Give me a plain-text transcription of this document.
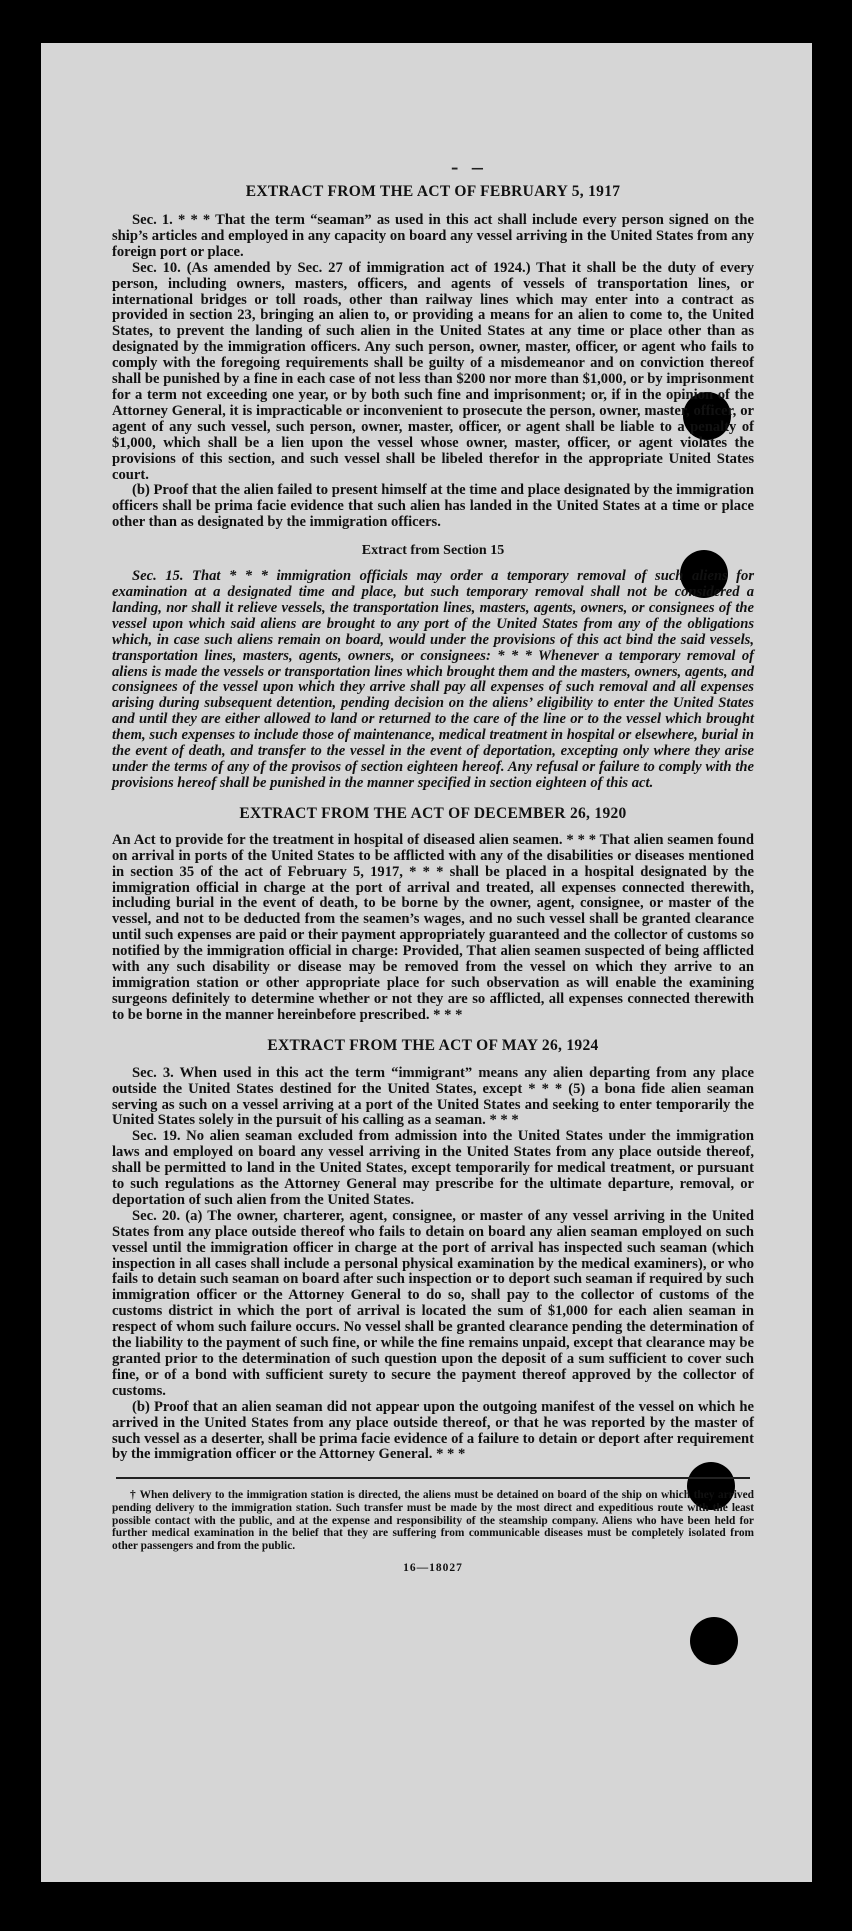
- –
EXTRACT FROM THE ACT OF FEBRUARY 5, 1917

Sec. 1. * * * That the term “seaman” as used in this act shall include every person signed on the ship’s articles and employed in any capacity on board any vessel arriving in the United States from any foreign port or place.

Sec. 10. (As amended by Sec. 27 of immigration act of 1924.) That it shall be the duty of every person, including owners, masters, officers, and agents of vessels of transportation lines, or international bridges or toll roads, other than railway lines which may enter into a contract as provided in section 23, bringing an alien to, or providing a means for an alien to come to, the United States, to prevent the landing of such alien in the United States at any time or place other than as designated by the immigration officers. Any such person, owner, master, officer, or agent who fails to comply with the foregoing requirements shall be guilty of a misdemeanor and on conviction thereof shall be punished by a fine in each case of not less than $200 nor more than $1,000, or by imprisonment for a term not exceeding one year, or by both such fine and imprisonment; or, if in the opinion of the Attorney General, it is impracticable or inconvenient to prosecute the person, owner, master, officer, or agent of any such vessel, such person, owner, master, officer, or agent shall be liable to a penalty of $1,000, which shall be a lien upon the vessel whose owner, master, officer, or agent violates the provisions of this section, and such vessel shall be libeled therefor in the appropriate United States court.

(b) Proof that the alien failed to present himself at the time and place designated by the immigration officers shall be prima facie evidence that such alien has landed in the United States at a time or place other than as designated by the immigration officers.

Extract from Section 15

Sec. 15. That * * * immigration officials may order a temporary removal of such aliens for examination at a designated time and place, but such temporary removal shall not be considered a landing, nor shall it relieve vessels, the transportation lines, masters, agents, owners, or consignees of the vessel upon which said aliens are brought to any port of the United States from any of the obligations which, in case such aliens remain on board, would under the provisions of this act bind the said vessels, transportation lines, masters, agents, owners, or consignees: * * * Whenever a temporary removal of aliens is made the vessels or transportation lines which brought them and the masters, owners, agents, and consignees of the vessel upon which they arrive shall pay all expenses of such removal and all expenses arising during subsequent detention, pending decision on the aliens’ eligibility to enter the United States and until they are either allowed to land or returned to the care of the line or to the vessel which brought them, such expenses to include those of maintenance, medical treatment in hospital or elsewhere, burial in the event of death, and transfer to the vessel in the event of deportation, excepting only where they arise under the terms of any of the provisos of section eighteen hereof. Any refusal or failure to comply with the provisions hereof shall be punished in the manner specified in section eighteen of this act.

EXTRACT FROM THE ACT OF DECEMBER 26, 1920

An Act to provide for the treatment in hospital of diseased alien seamen. * * * That alien seamen found on arrival in ports of the United States to be afflicted with any of the disabilities or diseases mentioned in section 35 of the act of February 5, 1917, * * * shall be placed in a hospital designated by the immigration official in charge at the port of arrival and treated, all expenses connected therewith, including burial in the event of death, to be borne by the owner, agent, consignee, or master of the vessel, and not to be deducted from the seamen’s wages, and no such vessel shall be granted clearance until such expenses are paid or their payment appropriately guaranteed and the collector of customs so notified by the immigration official in charge: Provided, That alien seamen suspected of being afflicted with any such disability or disease may be removed from the vessel on which they arrive to an immigration station or other appropriate place for such observation as will enable the examining surgeons definitely to determine whether or not they are so afflicted, all expenses connected therewith to be borne in the manner hereinbefore prescribed. * * *

EXTRACT FROM THE ACT OF MAY 26, 1924

Sec. 3. When used in this act the term “immigrant” means any alien departing from any place outside the United States destined for the United States, except * * * (5) a bona fide alien seaman serving as such on a vessel arriving at a port of the United States and seeking to enter temporarily the United States solely in the pursuit of his calling as a seaman. * * *

Sec. 19. No alien seaman excluded from admission into the United States under the immigration laws and employed on board any vessel arriving in the United States from any place outside thereof, shall be permitted to land in the United States, except temporarily for medical treatment, or pursuant to such regulations as the Attorney General may prescribe for the ultimate departure, removal, or deportation of such alien from the United States.

Sec. 20. (a) The owner, charterer, agent, consignee, or master of any vessel arriving in the United States from any place outside thereof who fails to detain on board any alien seaman employed on such vessel until the immigration officer in charge at the port of arrival has inspected such seaman (which inspection in all cases shall include a personal physical examination by the medical examiners), or who fails to detain such seaman on board after such inspection or to deport such seaman if required by such immigration officer or the Attorney General to do so, shall pay to the collector of customs of the customs district in which the port of arrival is located the sum of $1,000 for each alien seaman in respect of whom such failure occurs. No vessel shall be granted clearance pending the determination of the liability to the payment of such fine, or while the fine remains unpaid, except that clearance may be granted prior to the determination of such question upon the deposit of a sum sufficient to cover such fine, or of a bond with sufficient surety to secure the payment thereof approved by the collector of customs.

(b) Proof that an alien seaman did not appear upon the outgoing manifest of the vessel on which he arrived in the United States from any place outside thereof, or that he was reported by the master of such vessel as a deserter, shall be prima facie evidence of a failure to detain or deport after requirement by the immigration officer or the Attorney General. * * *

† When delivery to the immigration station is directed, the aliens must be detained on board of the ship on which they arrived pending delivery to the immigration station. Such transfer must be made by the most direct and expeditious route with the least possible contact with the public, and at the expense and responsibility of the steamship company. Aliens who have been held for further medical examination in the belief that they are suffering from communicable diseases must be completely isolated from other passengers and from the public.

16—18027
